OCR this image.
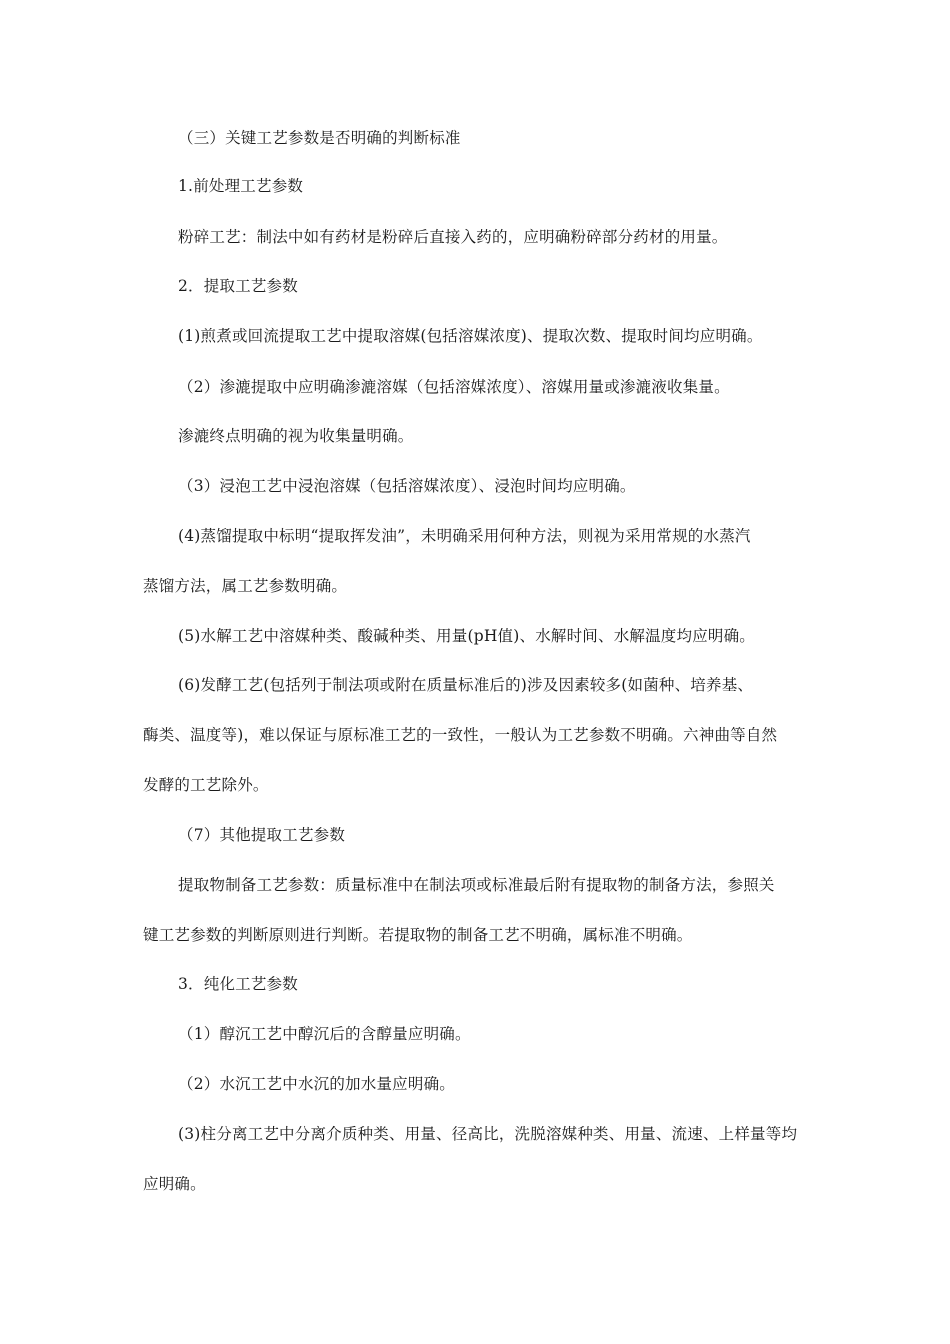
（三）关键工艺参数是否明确的判断标准
1.前处理工艺参数
粉碎工艺：制法中如有药材是粉碎后直接入药的，应明确粉碎部分药材的用量。
2．提取工艺参数
(1)煎煮或回流提取工艺中提取溶媒(包括溶媒浓度)、提取次数、提取时间均应明确。
（2）渗漉提取中应明确渗漉溶媒（包括溶媒浓度）、溶媒用量或渗漉液收集量。
渗漉终点明确的视为收集量明确。
（3）浸泡工艺中浸泡溶媒（包括溶媒浓度）、浸泡时间均应明确。
(4)蒸馏提取中标明“提取挥发油”，未明确采用何种方法，则视为采用常规的水蒸汽
蒸馏方法，属工艺参数明确。
(5)水解工艺中溶媒种类、酸碱种类、用量(pH值)、水解时间、水解温度均应明确。
(6)发酵工艺(包括列于制法项或附在质量标准后的)涉及因素较多(如菌种、培养基、
酶类、温度等)，难以保证与原标准工艺的一致性，一般认为工艺参数不明确。六神曲等自然
发酵的工艺除外。
（7）其他提取工艺参数
提取物制备工艺参数：质量标准中在制法项或标准最后附有提取物的制备方法，参照关
键工艺参数的判断原则进行判断。若提取物的制备工艺不明确，属标准不明确。
3．纯化工艺参数
（1）醇沉工艺中醇沉后的含醇量应明确。
（2）水沉工艺中水沉的加水量应明确。
(3)柱分离工艺中分离介质种类、用量、径高比，洗脱溶媒种类、用量、流速、上样量等均
应明确。
